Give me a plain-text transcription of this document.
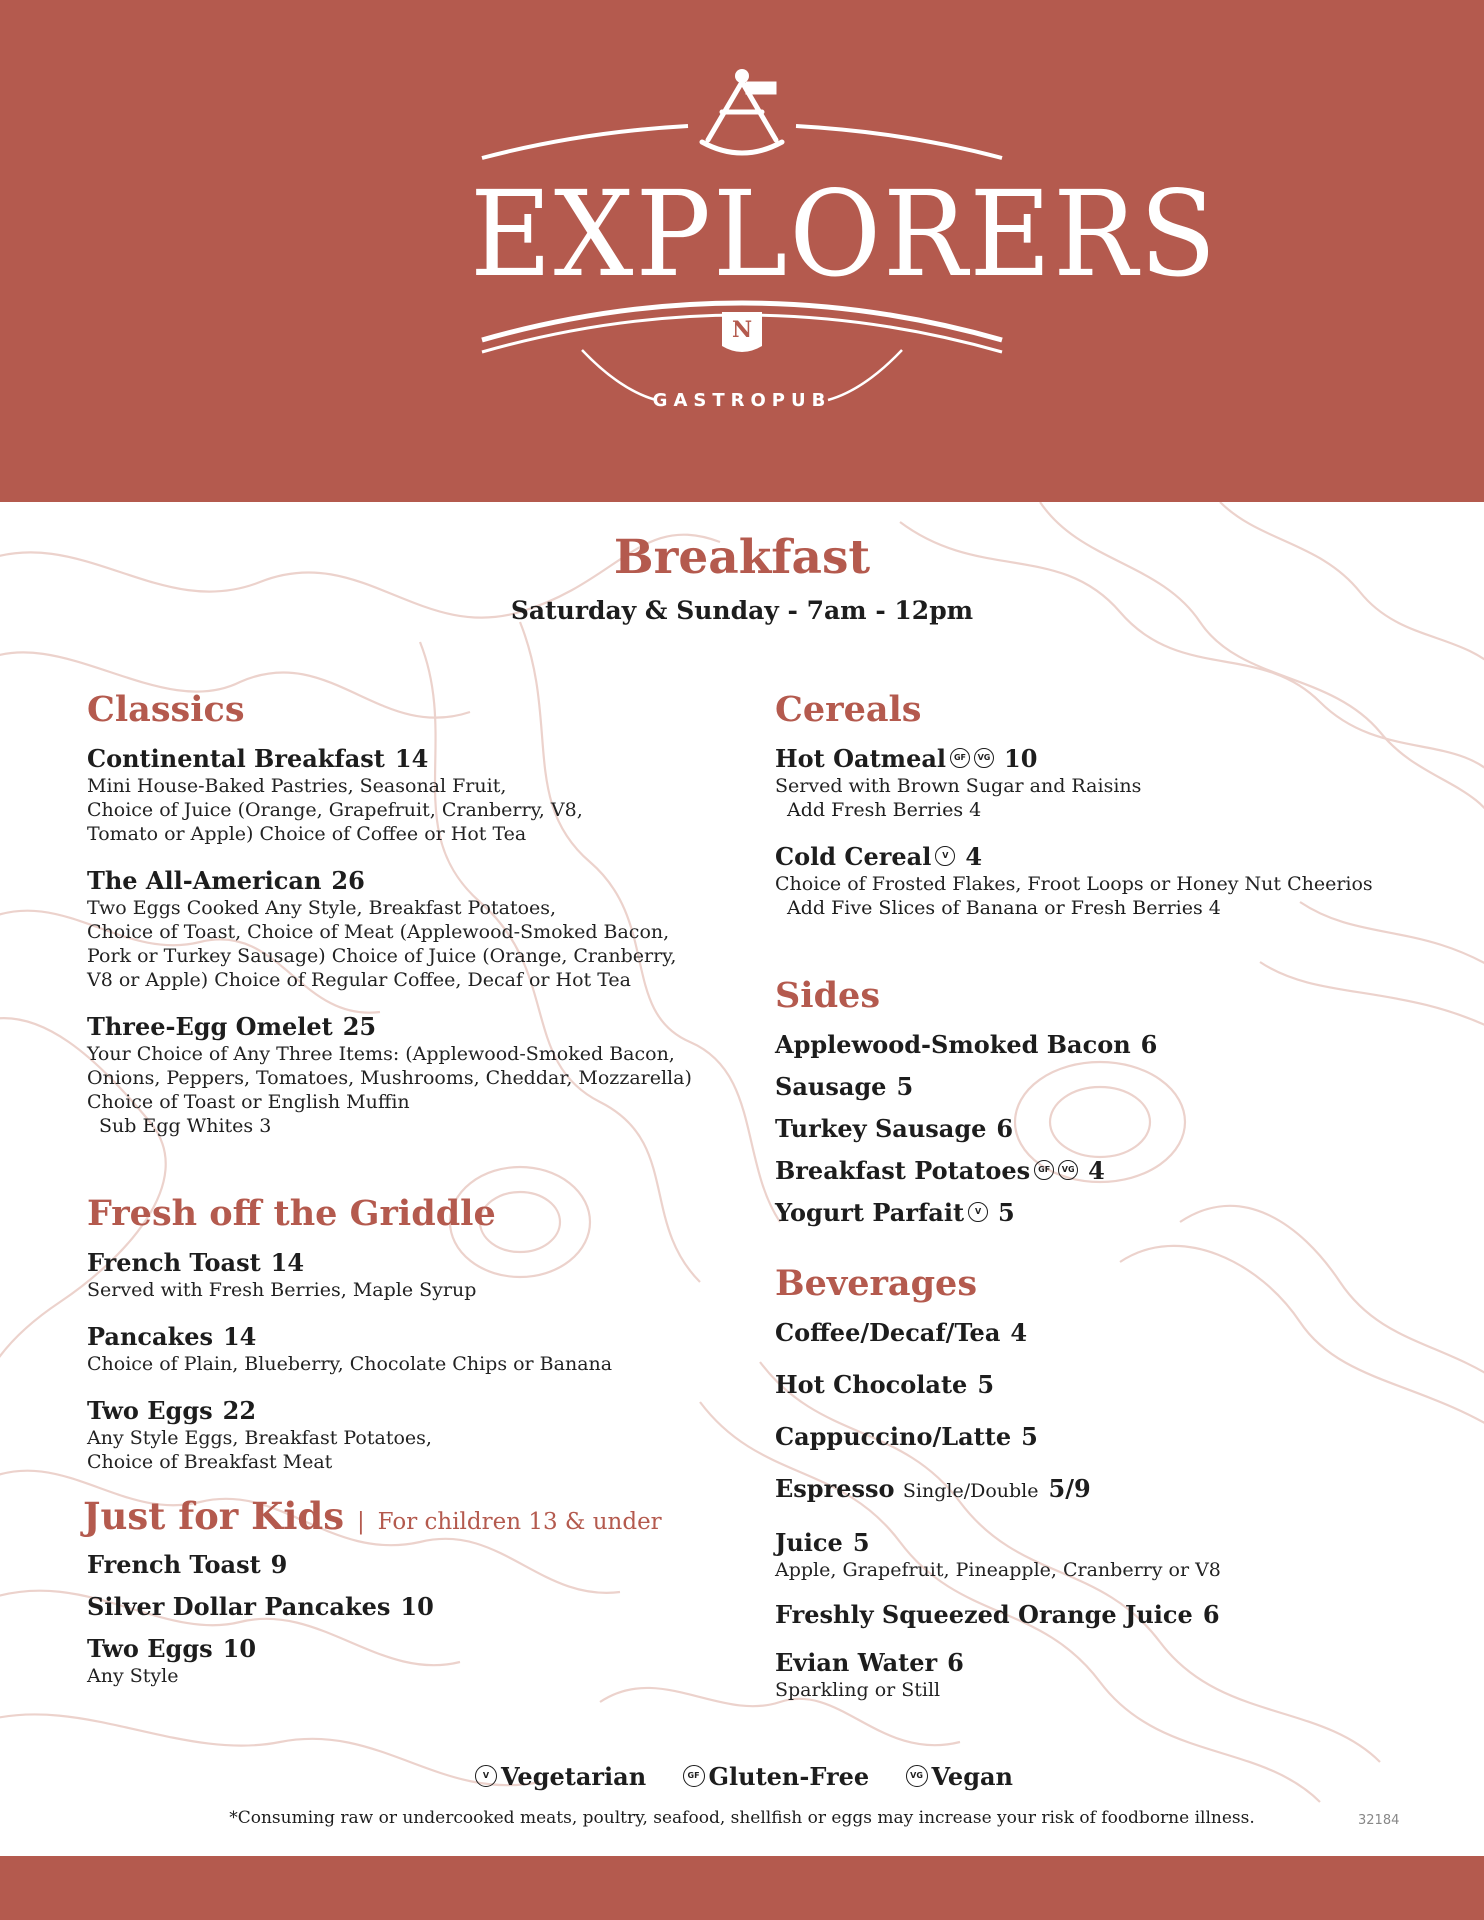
EXPLORERS
N
GASTROPUB
Breakfast
Saturday & Sunday - 7am - 12pm
Classics
Continental Breakfast 14
Mini House-Baked Pastries, Seasonal Fruit,
Choice of Juice (Orange, Grapefruit, Cranberry, V8,
Tomato or Apple) Choice of Coffee or Hot Tea
The All-American 26
Two Eggs Cooked Any Style, Breakfast Potatoes,
Choice of Toast, Choice of Meat (Applewood-Smoked Bacon,
Pork or Turkey Sausage) Choice of Juice (Orange, Cranberry,
V8 or Apple) Choice of Regular Coffee, Decaf or Hot Tea
Three-Egg Omelet 25
Your Choice of Any Three Items: (Applewood-Smoked Bacon,
Onions, Peppers, Tomatoes, Mushrooms, Cheddar, Mozzarella)
Choice of Toast or English Muffin
Sub Egg Whites 3
Fresh off the Griddle
French Toast 14
Served with Fresh Berries, Maple Syrup
Pancakes 14
Choice of Plain, Blueberry, Chocolate Chips or Banana
Two Eggs 22
Any Style Eggs, Breakfast Potatoes,
Choice of Breakfast Meat
Just for Kids | For children 13 & under
French Toast 9
Silver Dollar Pancakes 10
Two Eggs 10
Any Style
Cereals
Hot Oatmeal GF VG 10
Served with Brown Sugar and Raisins
Add Fresh Berries 4
Cold Cereal V 4
Choice of Frosted Flakes, Froot Loops or Honey Nut Cheerios
Add Five Slices of Banana or Fresh Berries 4
Sides
Applewood-Smoked Bacon 6
Sausage 5
Turkey Sausage 6
Breakfast Potatoes GF VG 4
Yogurt Parfait V 5
Beverages
Coffee/Decaf/Tea 4
Hot Chocolate 5
Cappuccino/Latte 5
Espresso Single/Double 5/9
Juice 5
Apple, Grapefruit, Pineapple, Cranberry or V8
Freshly Squeezed Orange Juice 6
Evian Water 6
Sparkling or Still
V Vegetarian	GF Gluten-Free	VG Vegan
*Consuming raw or undercooked meats, poultry, seafood, shellfish or eggs may increase your risk of foodborne illness.	32184
